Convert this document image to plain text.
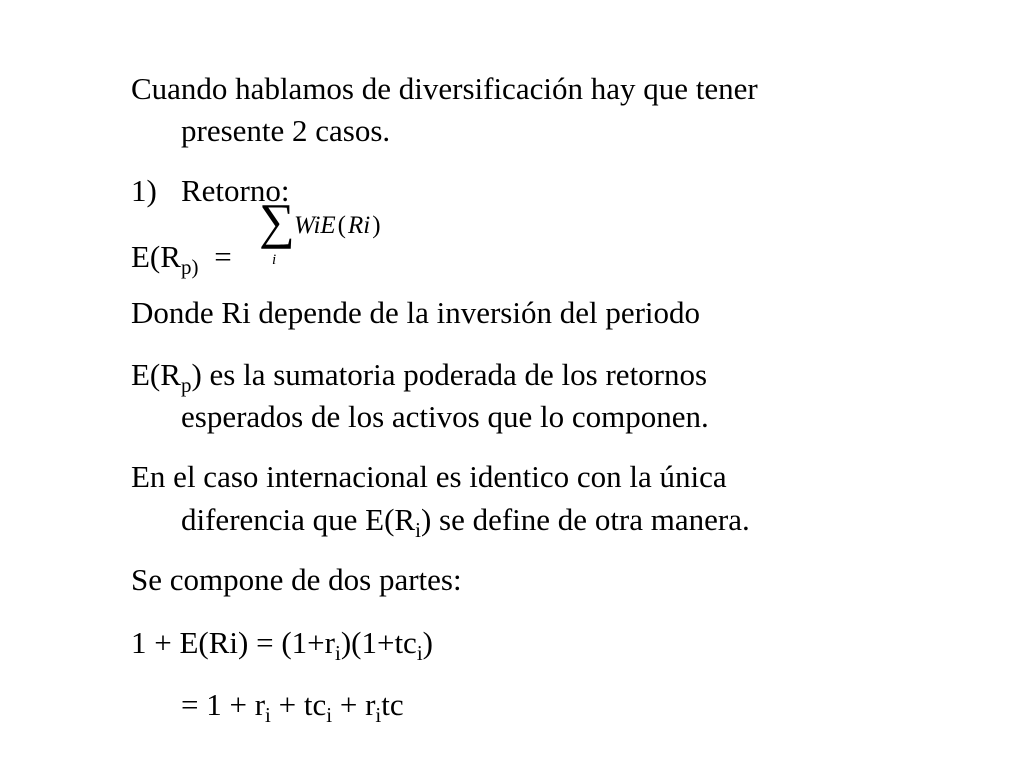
Cuando hablamos de diversificación hay que tener
presente 2 casos.
1) Retorno:
$E(R_{p)}$ =
∑
i
WiE(Ri)
Donde Ri depende de la inversión del periodo
$E(R_p)$ es la sumatoria poderada de los retornos
esperados de los activos que lo componen.
En el caso internacional es identico con la única
diferencia que $E(R_i)$ se define de otra manera.
Se compone de dos partes:
$1 + E(Ri) = (1+r_i)(1+tc_i)$
= $1 + r_i + tc_i + r_itc$
